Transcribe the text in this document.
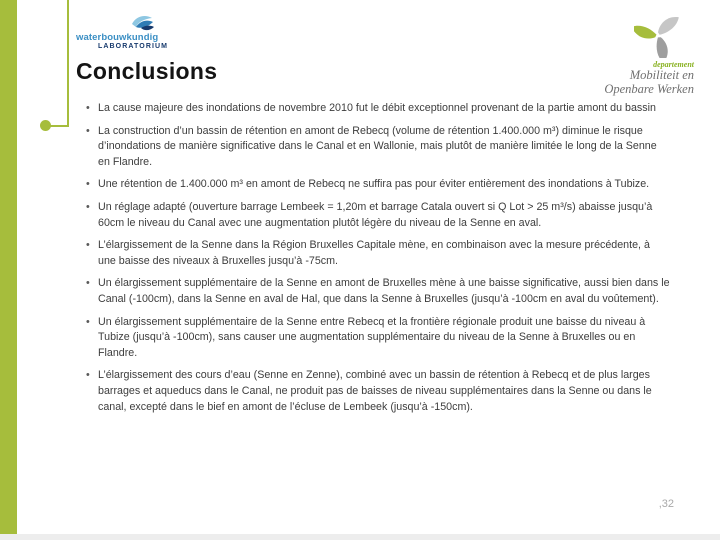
waterbouwkundig
LABORATORIUM
Conclusions	departement
Mobiliteit en
Openbare Werken
• La cause majeure des inondations de novembre 2010 fut le débit exceptionnel provenant de la partie amont du bassin
• La construction d’un bassin de rétention en amont de Rebecq (volume de rétention 1.400.000 m³) diminue le risque d’inondations de manière significative dans le Canal et en Wallonie, mais plutôt de manière limitée le long de la Senne en Flandre.
• Une rétention de 1.400.000 m³ en amont de Rebecq ne suffira pas pour éviter entièrement des inondations à Tubize.
• Un réglage adapté (ouverture barrage Lembeek = 1,20m et barrage Catala ouvert si Q Lot > 25 m³/s) abaisse jusqu’à 60cm le niveau du Canal avec une augmentation plutôt légère du niveau de la Senne en aval.
• L’élargissement de la Senne dans la Région Bruxelles Capitale mène, en combinaison avec la mesure précédente, à une baisse des niveaux à Bruxelles jusqu’à -75cm.
• Un élargissement supplémentaire de la Senne en amont de Bruxelles mène à une baisse significative, aussi bien dans le Canal (-100cm), dans la Senne en aval de Hal, que dans la Senne à Bruxelles (jusqu’à -100cm en aval du voûtement).
• Un élargissement supplémentaire de la Senne entre Rebecq et la frontière régionale produit une baisse du niveau à Tubize (jusqu’à -100cm), sans causer une augmentation supplémentaire du niveau de la Senne à Bruxelles ou en Flandre.
• L’élargissement des cours d’eau (Senne en Zenne), combiné avec un bassin de rétention à Rebecq et de plus larges barrages et aqueducs dans le Canal, ne produit pas de baisses de niveau supplémentaires dans la Senne ou dans le canal, excepté dans le bief en amont de l’écluse de Lembeek (jusqu’à -150cm).
,32
